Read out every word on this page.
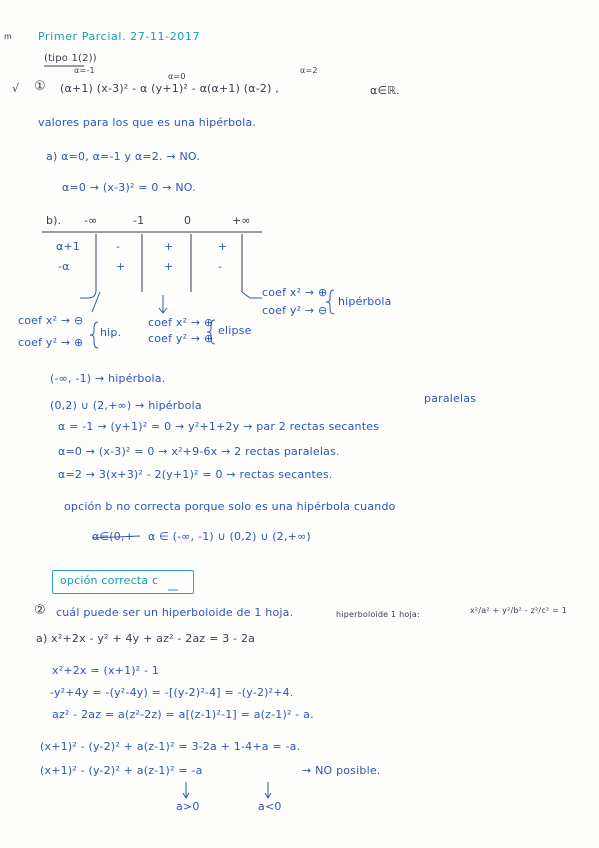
m Primer Parcial. 27-11-2017
(tipo 1(2))
α=-1
α=0
α=2
√ ① (α+1) (x-3)² - α (y+1)² - α(α+1) (α-2) ,	α∈ℝ.
valores para los que es una hipérbola.
a) α=0, α=-1 y α=2. → NO.
α=0 → (x-3)² = 0 → NO.
b). -∞	-1	0	+∞
α+1	-	+	+
-α	+	+	-
coef x² → ⊖
coef y² → ⊕
hip.
coef x² → ⊕
coef y² → ⊕
elipse
coef x² → ⊕
coef y² → ⊖
hipérbola
(-∞, -1) → hipérbola.
(0,2) ∪ (2,+∞) → hipérbola
paralelas
α = -1 → (y+1)² = 0 → y²+1+2y → par 2 rectas secantes
α=0 → (x-3)² = 0 → x²+9-6x → 2 rectas paralelas.
α=2 → 3(x+3)² - 2(y+1)² = 0 → rectas secantes.
opción b no correcta porque solo es una hipérbola cuando
α∈(0,+ α ∈ (-∞, -1) ∪ (0,2) ∪ (2,+∞)
opción correcta c
② cuál puede ser un hiperboloide de 1 hoja.	hiperboloide 1 hoja:	x²/a² + y²/b² - z²/c² = 1
a) x²+2x - y² + 4y + az² - 2az = 3 - 2a
x²+2x = (x+1)² - 1
-y²+4y = -(y²-4y) = -[(y-2)²-4] = -(y-2)²+4.
az² - 2az = a(z²-2z) = a[(z-1)²-1] = a(z-1)² - a.
(x+1)² - (y-2)² + a(z-1)² = 3-2a + 1-4+a = -a.
(x+1)² - (y-2)² + a(z-1)² = -a	→ NO posible.
a>0	a<0
